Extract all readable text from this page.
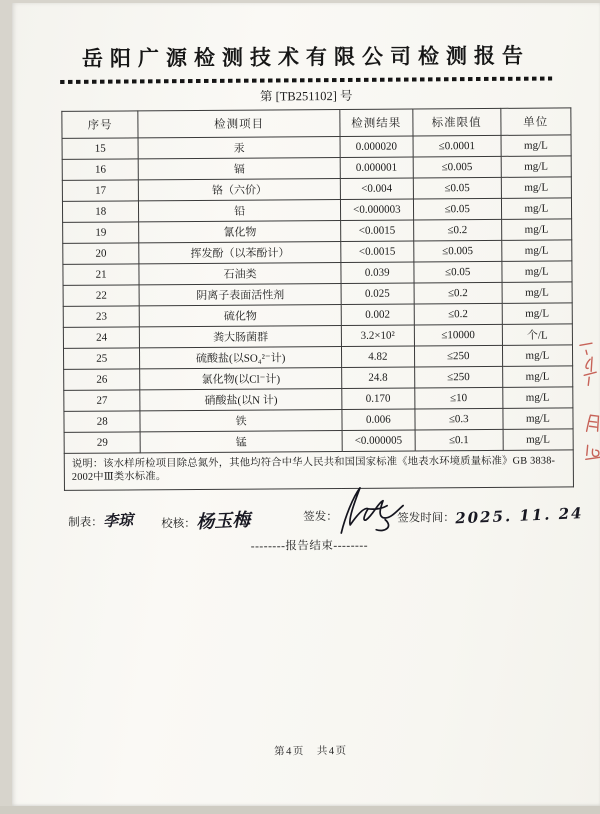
岳阳广源检测技术有限公司检测报告
第 [TB251102] 号
序号	检测项目	检测结果	标准限值	单位
15	汞	0.000020	≤0.0001	mg/L
16	镉	0.000001	≤0.005	mg/L
17	铬（六价）	<0.004	≤0.05	mg/L
18	铅	<0.000003	≤0.05	mg/L
19	氰化物	<0.0015	≤0.2	mg/L
20	挥发酚（以苯酚计）	<0.0015	≤0.005	mg/L
21	石油类	0.039	≤0.05	mg/L
22	阴离子表面活性剂	0.025	≤0.2	mg/L
23	硫化物	0.002	≤0.2	mg/L
24	粪大肠菌群	3.2×10²	≤10000	个/L
25	硫酸盐(以SO₄²⁻计)	4.82	≤250	mg/L
26	氯化物(以Cl⁻计)	24.8	≤250	mg/L
27	硝酸盐(以N 计)	0.170	≤10	mg/L
28	铁	0.006	≤0.3	mg/L
29	锰	<0.000005	≤0.1	mg/L
说明：该水样所检项目除总氮外，其他均符合中华人民共和国国家标准《地表水环境质量标准》GB 3838-2002中Ⅲ类水标准。				
制表：李琼 校核：杨玉梅	签发：	签发时间：2025. 11. 24
--------报告结束--------
第4页　共4页
